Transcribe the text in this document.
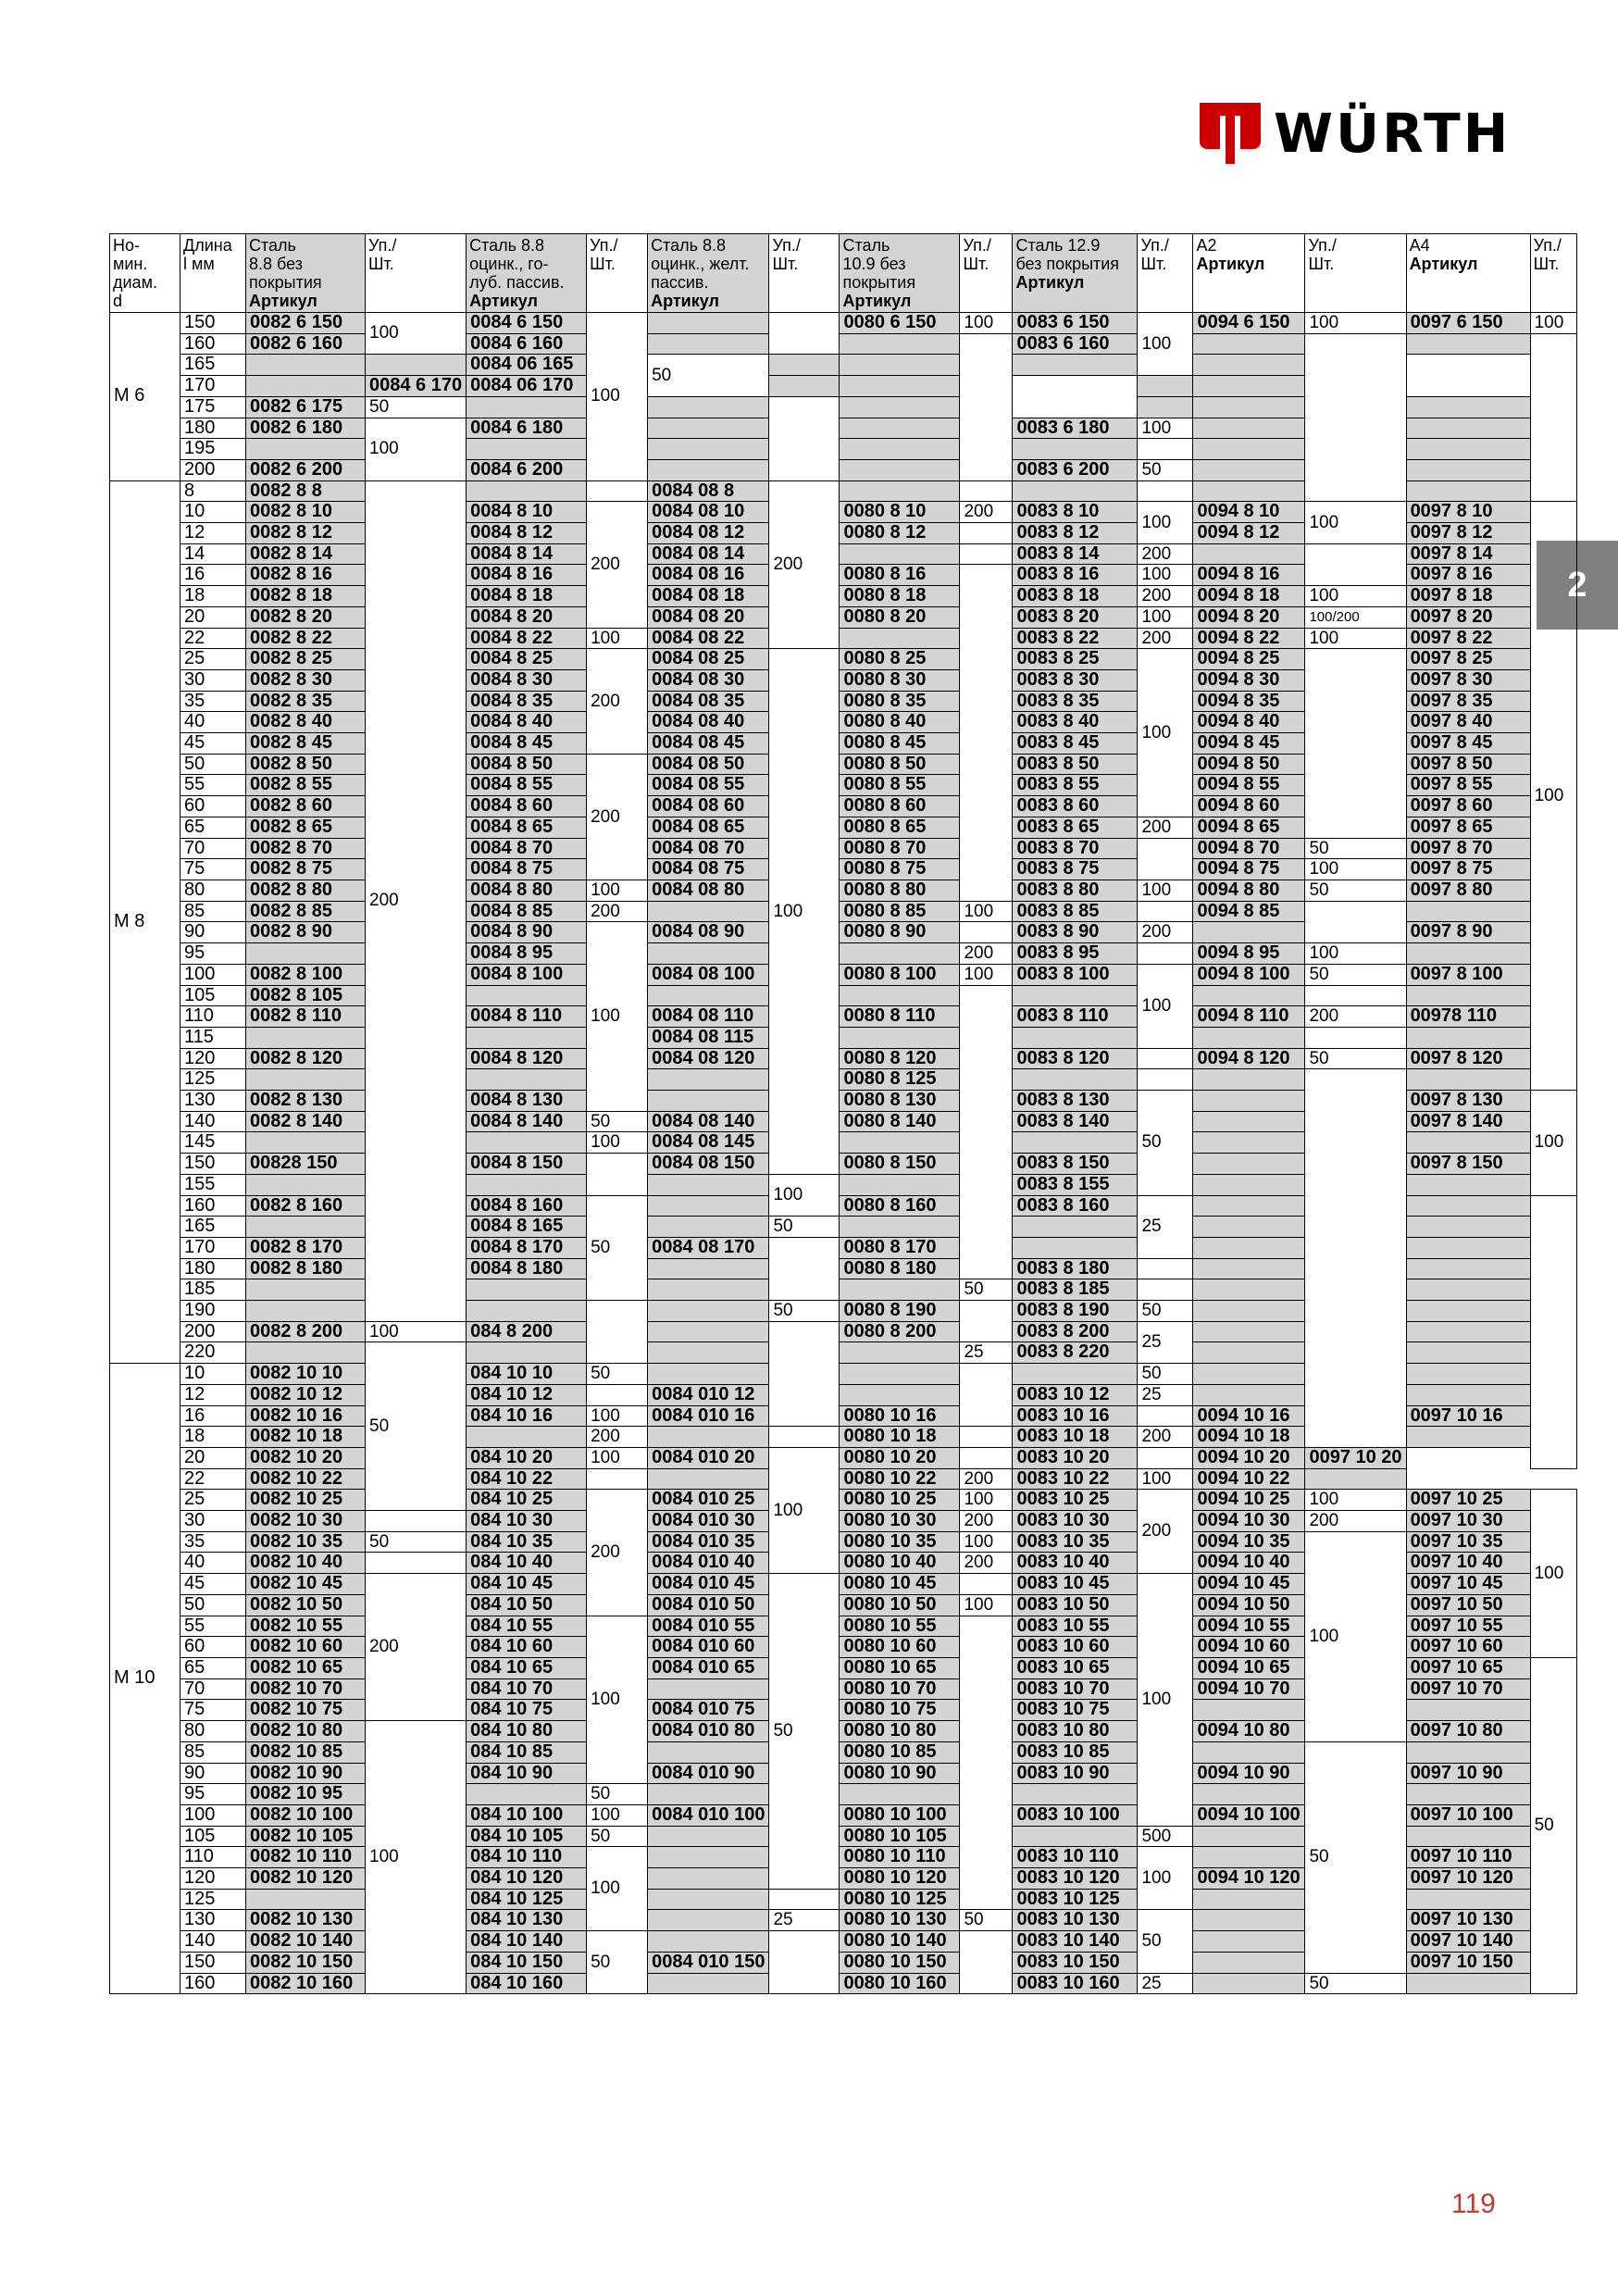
WÜRTH
2
Но-
мин.
диам.
d	Длина
l мм	Сталь
8.8 без
покрытия
Артикул	Уп./
Шт.	Сталь 8.8
оцинк., го-
луб. пассив.
Артикул	Уп./
Шт.	Сталь 8.8
оцинк., желт.
пассив.
Артикул	Уп./
Шт.	Сталь
10.9 без
покрытия
Артикул	Уп./
Шт.	Сталь 12.9
без покрытия
Артикул	Уп./
Шт.	A2
Артикул	Уп./
Шт.	A4
Артикул	Уп./
Шт.

M 6	150	0082 6 150	100	0084 6 150	100			0080 6 150	100	0083 6 150	100	0094 6 150	100	0097 6 150	100
	160	0082 6 160		0084 6 160						0083 6 160					
	165			0084 06 165		50									
	170		0084 6 170	0084 06 170											
	175	0082 6 175	50												
	180	0082 6 180	100	0084 6 180						0083 6 180	100				
	195														
	200	0082 6 200		0084 6 200						0083 6 200	50				
M 8	8	0082 8 8	200			0084 08 8	200								
	10	0082 8 10		0084 8 10	200	0084 08 10		0080 8 10	200	0083 8 10	100	0094 8 10	100	0097 8 10	100
	12	0082 8 12		0084 8 12		0084 08 12		0080 8 12		0083 8 12		0094 8 12		0097 8 12	
	14	0082 8 14		0084 8 14		0084 08 14				0083 8 14	200			0097 8 14	
	16	0082 8 16		0084 8 16		0084 08 16		0080 8 16		0083 8 16	100	0094 8 16		0097 8 16	
	18	0082 8 18		0084 8 18		0084 08 18		0080 8 18		0083 8 18	200	0094 8 18	100	0097 8 18	
	20	0082 8 20		0084 8 20		0084 08 20		0080 8 20		0083 8 20	100	0094 8 20	100/200	0097 8 20	
	22	0082 8 22		0084 8 22	100	0084 08 22				0083 8 22	200	0094 8 22	100	0097 8 22	
	25	0082 8 25		0084 8 25	200	0084 08 25	100	0080 8 25		0083 8 25	100	0094 8 25		0097 8 25	
	30	0082 8 30		0084 8 30		0084 08 30		0080 8 30		0083 8 30		0094 8 30		0097 8 30	
	35	0082 8 35		0084 8 35		0084 08 35		0080 8 35		0083 8 35		0094 8 35		0097 8 35	
	40	0082 8 40		0084 8 40		0084 08 40		0080 8 40		0083 8 40		0094 8 40		0097 8 40	
	45	0082 8 45		0084 8 45		0084 08 45		0080 8 45		0083 8 45		0094 8 45		0097 8 45	
	50	0082 8 50		0084 8 50	200	0084 08 50		0080 8 50		0083 8 50		0094 8 50		0097 8 50	
	55	0082 8 55		0084 8 55		0084 08 55		0080 8 55		0083 8 55		0094 8 55		0097 8 55	
	60	0082 8 60		0084 8 60		0084 08 60		0080 8 60		0083 8 60		0094 8 60		0097 8 60	
	65	0082 8 65		0084 8 65		0084 08 65		0080 8 65		0083 8 65	200	0094 8 65		0097 8 65	
	70	0082 8 70		0084 8 70		0084 08 70		0080 8 70		0083 8 70		0094 8 70	50	0097 8 70	
	75	0082 8 75		0084 8 75		0084 08 75		0080 8 75		0083 8 75		0094 8 75	100	0097 8 75	
	80	0082 8 80		0084 8 80	100	0084 08 80		0080 8 80		0083 8 80	100	0094 8 80	50	0097 8 80	
	85	0082 8 85		0084 8 85	200			0080 8 85	100	0083 8 85		0094 8 85			
	90	0082 8 90		0084 8 90	100	0084 08 90		0080 8 90		0083 8 90	200			0097 8 90	
	95			0084 8 95					200	0083 8 95		0094 8 95	100		
	100	0082 8 100		0084 8 100		0084 08 100		0080 8 100	100	0083 8 100	100	0094 8 100	50	0097 8 100	
	105	0082 8 105													
	110	0082 8 110		0084 8 110		0084 08 110		0080 8 110		0083 8 110		0094 8 110	200	00978 110	
	115					0084 08 115									
	120	0082 8 120		0084 8 120		0084 08 120		0080 8 120		0083 8 120		0094 8 120	50	0097 8 120	
	125							0080 8 125							
	130	0082 8 130		0084 8 130				0080 8 130		0083 8 130	50			0097 8 130	100
	140	0082 8 140		0084 8 140	50	0084 08 140		0080 8 140		0083 8 140				0097 8 140	
	145				100	0084 08 145									
	150	00828 150		0084 8 150		0084 08 150		0080 8 150		0083 8 150				0097 8 150	
	155						100			0083 8 155					
	160	0082 8 160		0084 8 160	50			0080 8 160		0083 8 160	25				
	165			0084 8 165			50								
	170	0082 8 170		0084 8 170		0084 08 170		0080 8 170							
	180	0082 8 180		0084 8 180				0080 8 180		0083 8 180					
	185								50	0083 8 185					
	190						50	0080 8 190		0083 8 190	50				
	200	0082 8 200	100	084 8 200				0080 8 200		0083 8 200	25				
	220		50						25	0083 8 220					
M 10	10	0082 10 10		084 10 10	50						50				
	12	0082 10 12		084 10 12		0084 010 12				0083 10 12	25				
	16	0082 10 16		084 10 16	100	0084 010 16		0080 10 16		0083 10 16		0094 10 16		0097 10 16	
	18	0082 10 18			200			0080 10 18		0083 10 18	200	0094 10 18			
	20	0082 10 20		084 10 20	100	0084 010 20	100	0080 10 20		0083 10 20		0094 10 20	0097 10 20		
	22	0082 10 22		084 10 22				0080 10 22	200	0083 10 22	100	0094 10 22			
	25	0082 10 25		084 10 25	200	0084 010 25		0080 10 25	100	0083 10 25	200	0094 10 25	100	0097 10 25	100
	30	0082 10 30		084 10 30		0084 010 30		0080 10 30	200	0083 10 30		0094 10 30	200	0097 10 30	
	35	0082 10 35	50	084 10 35		0084 010 35		0080 10 35	100	0083 10 35		0094 10 35	100	0097 10 35	
	40	0082 10 40		084 10 40		0084 010 40		0080 10 40	200	0083 10 40		0094 10 40		0097 10 40	
	45	0082 10 45	200	084 10 45		0084 010 45	50	0080 10 45		0083 10 45	100	0094 10 45		0097 10 45	
	50	0082 10 50		084 10 50		0084 010 50		0080 10 50	100	0083 10 50		0094 10 50		0097 10 50	
	55	0082 10 55		084 10 55	100	0084 010 55		0080 10 55		0083 10 55		0094 10 55		0097 10 55	
	60	0082 10 60		084 10 60		0084 010 60		0080 10 60		0083 10 60		0094 10 60		0097 10 60	
	65	0082 10 65		084 10 65		0084 010 65		0080 10 65		0083 10 65		0094 10 65		0097 10 65	50
	70	0082 10 70		084 10 70				0080 10 70		0083 10 70		0094 10 70		0097 10 70	
	75	0082 10 75		084 10 75		0084 010 75		0080 10 75		0083 10 75					
	80	0082 10 80	100	084 10 80		0084 010 80		0080 10 80		0083 10 80		0094 10 80		0097 10 80	
	85	0082 10 85		084 10 85				0080 10 85		0083 10 85			50		
	90	0082 10 90		084 10 90		0084 010 90		0080 10 90		0083 10 90		0094 10 90		0097 10 90	
	95	0082 10 95			50										
	100	0082 10 100		084 10 100	100	0084 010 100		0080 10 100		0083 10 100		0094 10 100		0097 10 100	
	105	0082 10 105		084 10 105	50			0080 10 105			500				
	110	0082 10 110		084 10 110	100			0080 10 110		0083 10 110	100			0097 10 110	
	120	0082 10 120		084 10 120				0080 10 120		0083 10 120		0094 10 120		0097 10 120	
	125			084 10 125				0080 10 125		0083 10 125					
	130	0082 10 130		084 10 130			25	0080 10 130	50	0083 10 130	50			0097 10 130	
	140	0082 10 140		084 10 140	50			0080 10 140		0083 10 140				0097 10 140	
	150	0082 10 150		084 10 150		0084 010 150		0080 10 150		0083 10 150				0097 10 150	
	160	0082 10 160		084 10 160				0080 10 160		0083 10 160	25		50		
119
